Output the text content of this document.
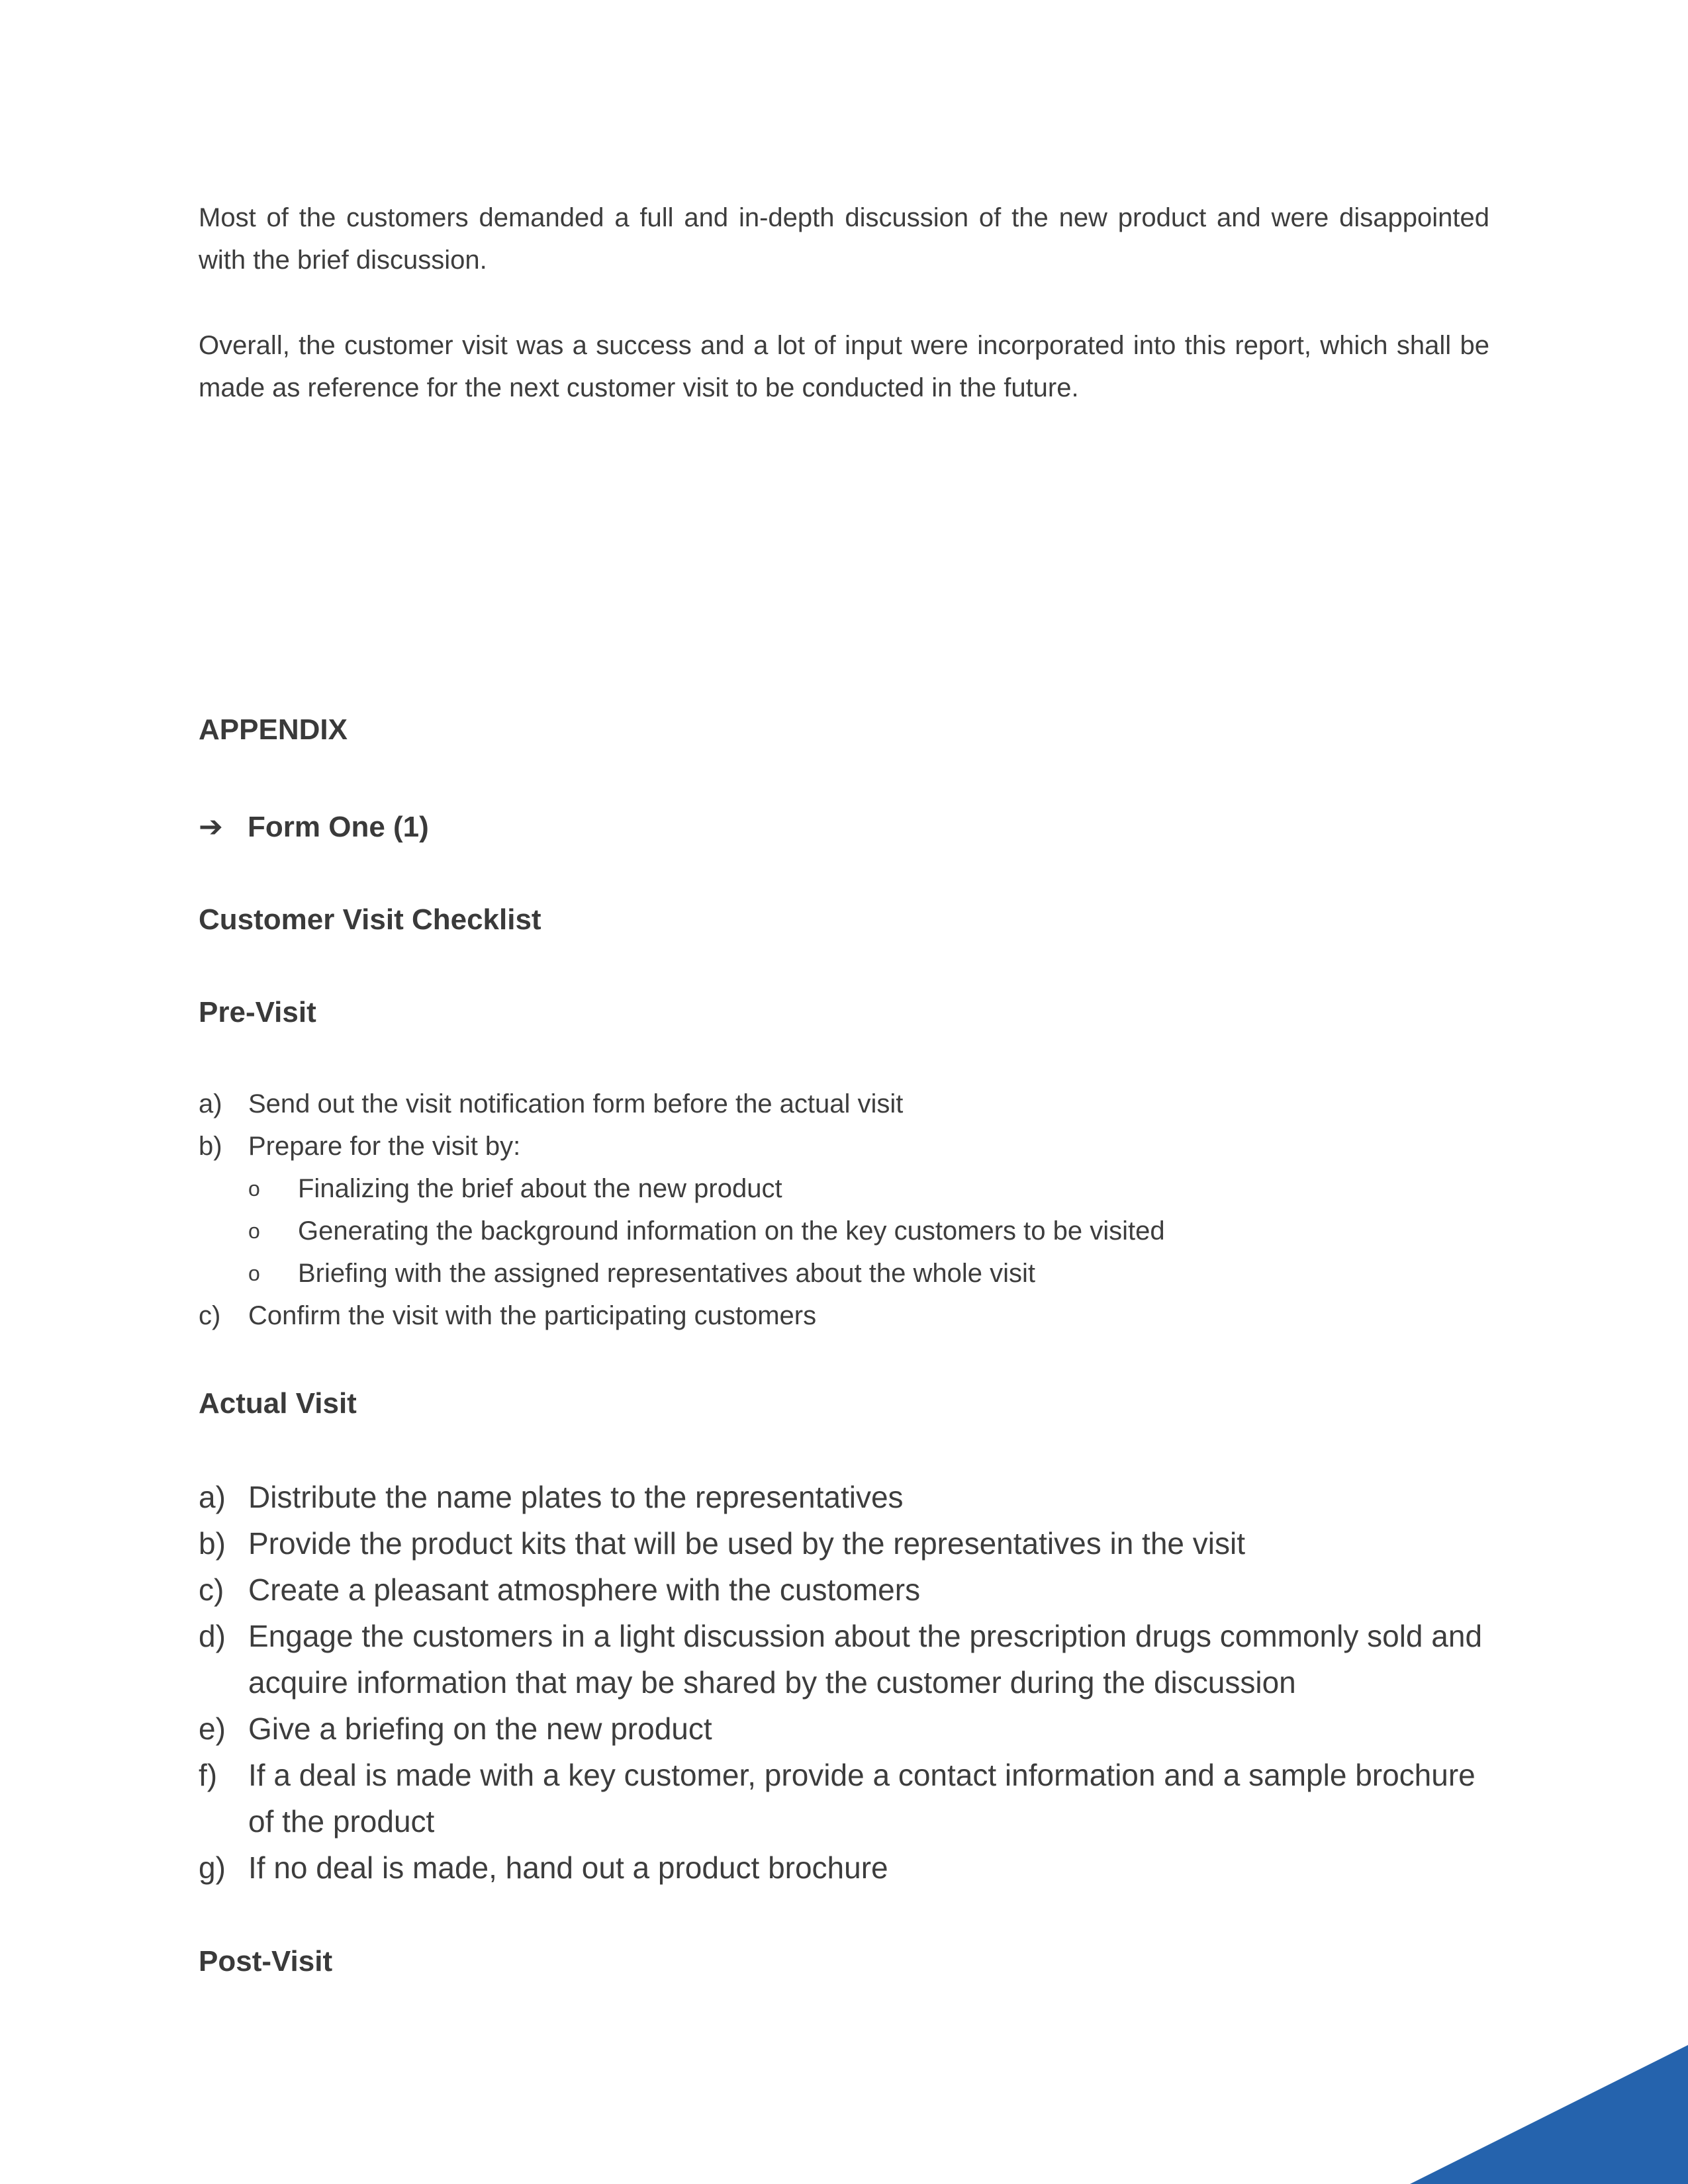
Most of the customers demanded a full and in-depth discussion of the new product and were disappointed with the brief discussion.

Overall, the customer visit was a success and a lot of input were incorporated into this report, which shall be made as reference for the next customer visit to be conducted in the future.

APPENDIX
➔ Form One (1)
Customer Visit Checklist
Pre-Visit
a) Send out the visit notification form before the actual visit
b) Prepare for the visit by:
o Finalizing the brief about the new product
o Generating the background information on the key customers to be visited
o Briefing with the assigned representatives about the whole visit
c) Confirm the visit with the participating customers
Actual Visit
a) Distribute the name plates to the representatives
b) Provide the product kits that will be used by the representatives in the visit
c) Create a pleasant atmosphere with the customers
d) Engage the customers in a light discussion about the prescription drugs commonly sold and acquire information that may be shared by the customer during the discussion
e) Give a briefing on the new product
f) If a deal is made with a key customer, provide a contact information and a sample brochure of the product
g) If no deal is made, hand out a product brochure
Post-Visit
